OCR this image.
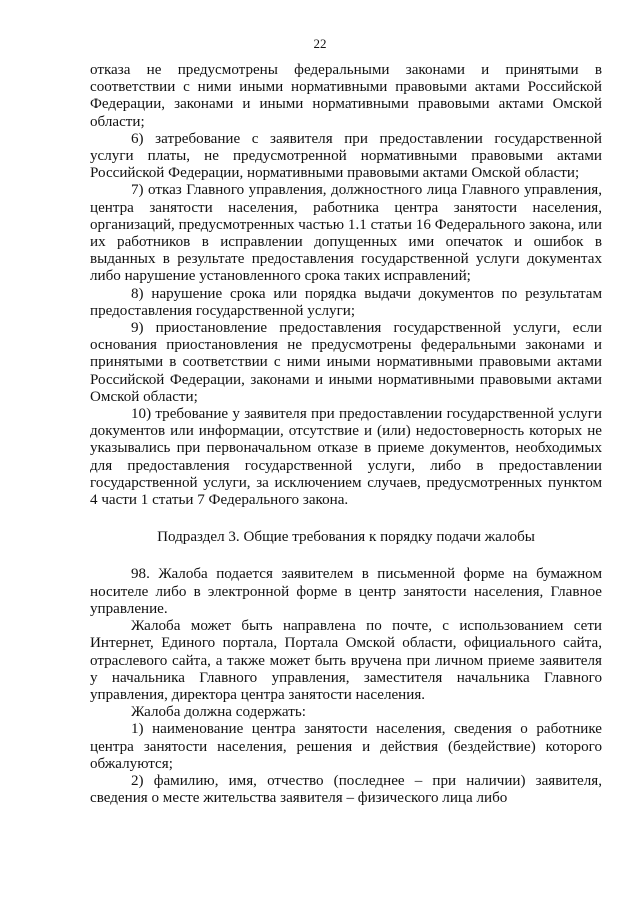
22

отказа не предусмотрены федеральными законами и принятыми в соответствии с ними иными нормативными правовыми актами Российской Федерации, законами и иными нормативными правовыми актами Омской области;

6) затребование с заявителя при предоставлении государственной услуги платы, не предусмотренной нормативными правовыми актами Российской Федерации, нормативными правовыми актами Омской области;

7) отказ Главного управления, должностного лица Главного управления, центра занятости населения, работника центра занятости населения, организаций, предусмотренных частью 1.1 статьи 16 Федерального закона, или их работников в исправлении допущенных ими опечаток и ошибок в выданных в результате предоставления государственной услуги документах либо нарушение установленного срока таких исправлений;

8) нарушение срока или порядка выдачи документов по результатам предоставления государственной услуги;

9) приостановление предоставления государственной услуги, если основания приостановления не предусмотрены федеральными законами и принятыми в соответствии с ними иными нормативными правовыми актами Российской Федерации, законами и иными нормативными правовыми актами Омской области;

10) требование у заявителя при предоставлении государственной услуги документов или информации, отсутствие и (или) недостоверность которых не указывались при первоначальном отказе в приеме документов, необходимых для предоставления государственной услуги, либо в предоставлении государственной услуги, за исключением случаев, предусмотренных пунктом 4 части 1 статьи 7 Федерального закона.

Подраздел 3. Общие требования к порядку подачи жалобы

98. Жалоба подается заявителем в письменной форме на бумажном носителе либо в электронной форме в центр занятости населения, Главное управление.

Жалоба может быть направлена по почте, с использованием сети Интернет, Единого портала, Портала Омской области, официального сайта, отраслевого сайта, а также может быть вручена при личном приеме заявителя у начальника Главного управления, заместителя начальника Главного управления, директора центра занятости населения.

Жалоба должна содержать:

1) наименование центра занятости населения, сведения о работнике центра занятости населения, решения и действия (бездействие) которого обжалуются;

2) фамилию, имя, отчество (последнее – при наличии) заявителя, сведения о месте жительства заявителя – физического лица либо
